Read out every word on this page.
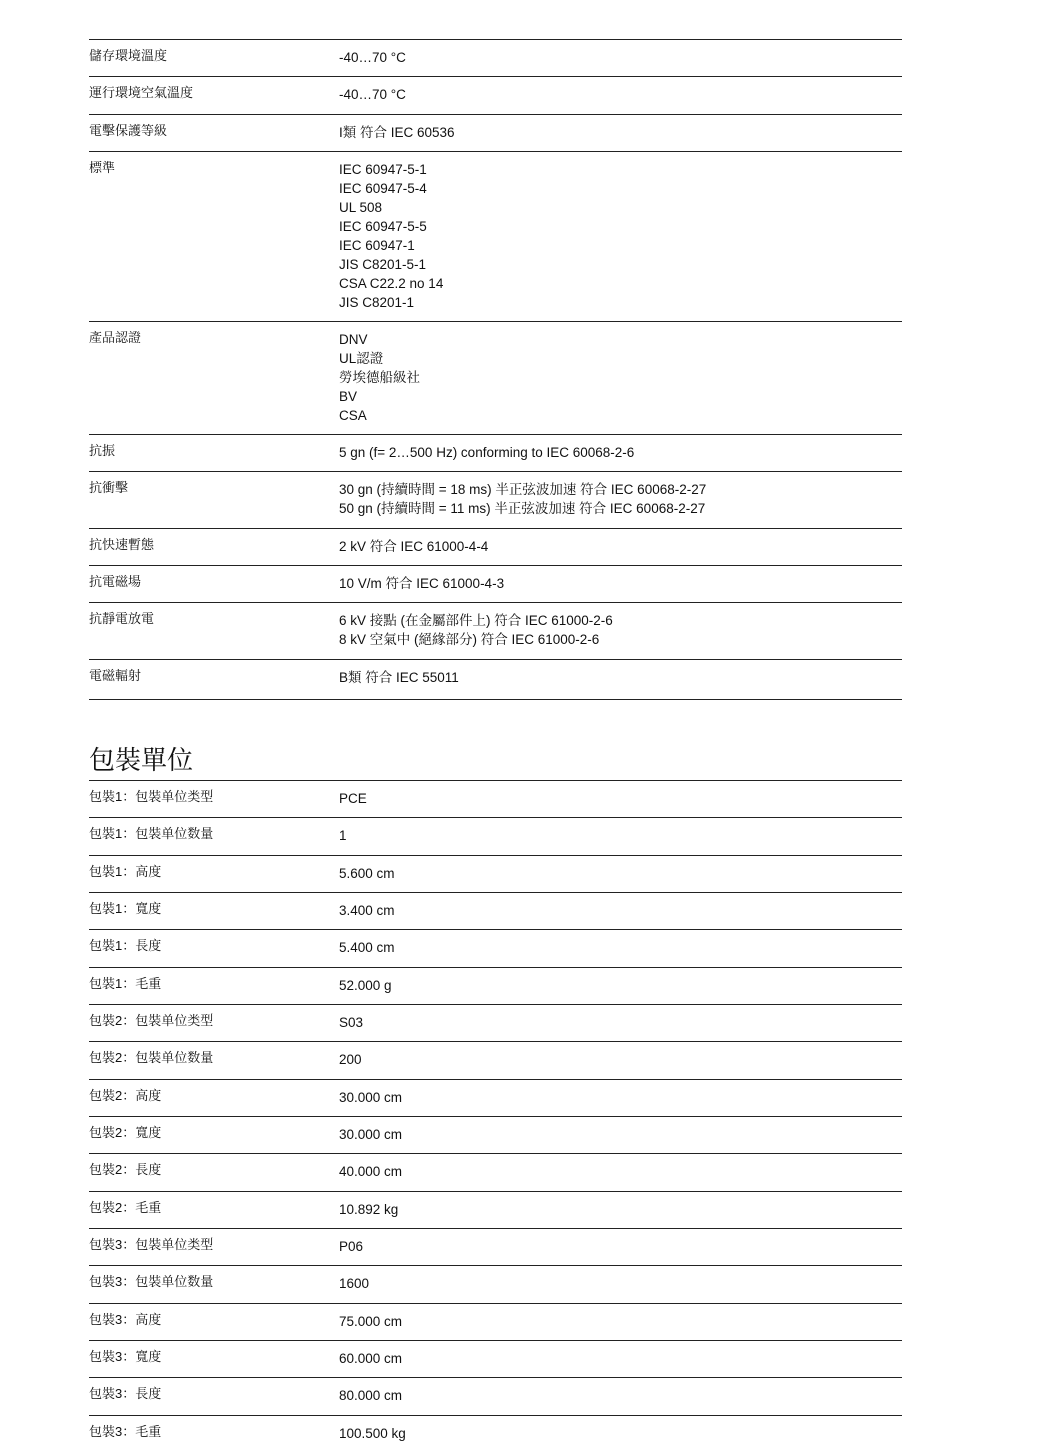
儲存環境溫度	-40…70 °C
運行環境空氣溫度	-40…70 °C
電擊保護等級	I類 符合 IEC 60536
標準	IEC 60947-5-1
IEC 60947-5-4
UL 508
IEC 60947-5-5
IEC 60947-1
JIS C8201-5-1
CSA C22.2 no 14
JIS C8201-1
產品認證	DNV
UL認證
勞埃德船級社
BV
CSA
抗振	5 gn (f= 2…500 Hz) conforming to IEC 60068-2-6
抗衝擊	30 gn (持續時間 = 18 ms) 半正弦波加速 符合 IEC 60068-2-27
50 gn (持續時間 = 11 ms) 半正弦波加速 符合 IEC 60068-2-27
抗快速暫態	2 kV 符合 IEC 61000-4-4
抗電磁場	10 V/m 符合 IEC 61000-4-3
抗靜電放電	6 kV 接點 (在金屬部件上) 符合 IEC 61000-2-6
8 kV 空氣中 (絕緣部分) 符合 IEC 61000-2-6
電磁輻射	B類 符合 IEC 55011
包裝單位
包裝1：包裝单位类型	PCE
包裝1：包裝单位数量	1
包裝1：高度	5.600 cm
包裝1：寬度	3.400 cm
包裝1：長度	5.400 cm
包裝1：毛重	52.000 g
包裝2：包裝单位类型	S03
包裝2：包裝单位数量	200
包裝2：高度	30.000 cm
包裝2：寬度	30.000 cm
包裝2：長度	40.000 cm
包裝2：毛重	10.892 kg
包裝3：包裝单位类型	P06
包裝3：包裝单位数量	1600
包裝3：高度	75.000 cm
包裝3：寬度	60.000 cm
包裝3：長度	80.000 cm
包裝3：毛重	100.500 kg
